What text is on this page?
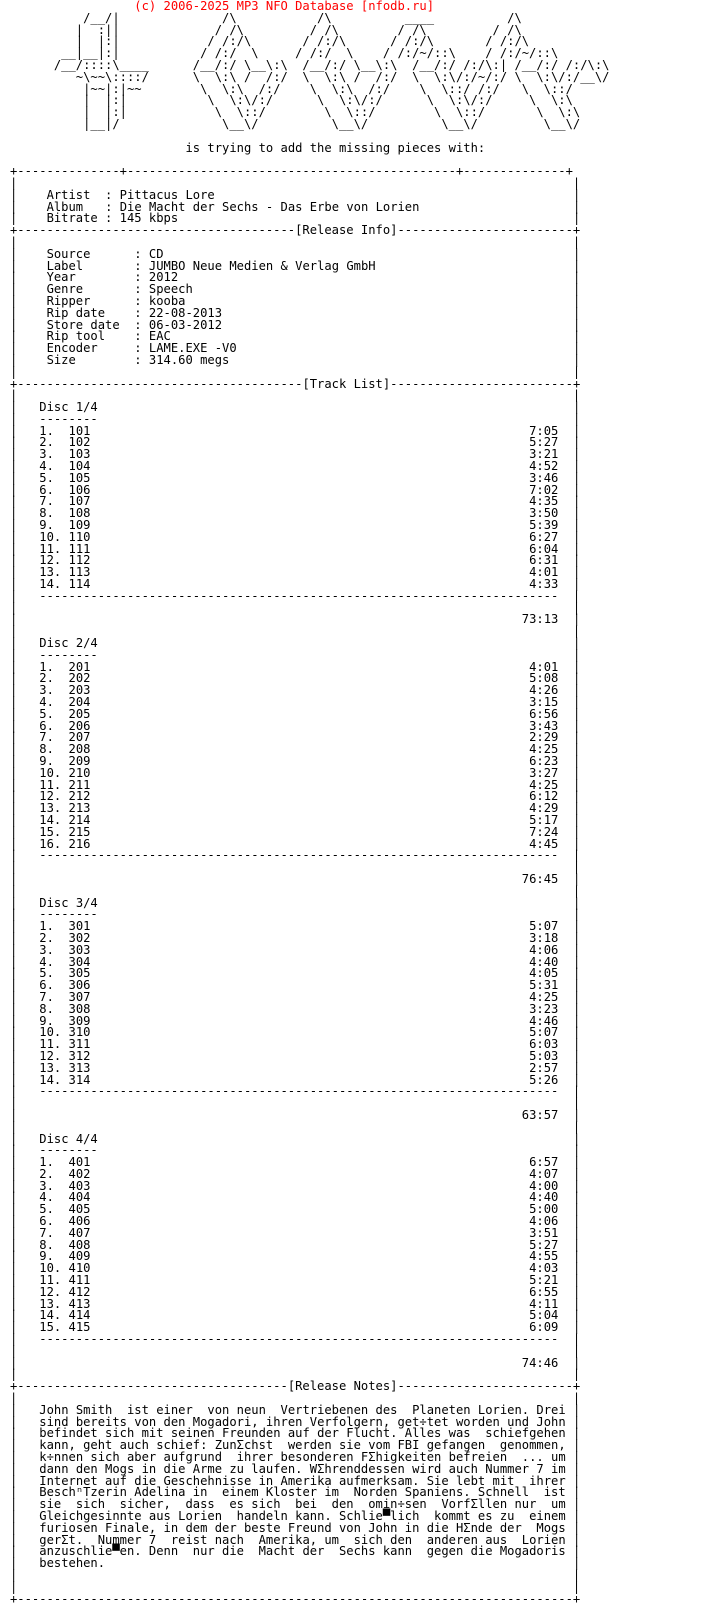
(c) 2006-2025 MP3 NFO Database [nfodb.ru]
/__/|              /\           /\          ____          /\
|  :||             / /\         / /\        / /\         / /\
|  |:|            / /:/\       / /:/\      / /:/\       / /:/\
__|__|:|           / /:/  \     / /:/  \    / /:/~/::\    / /:/~/::\
/__/::::\____      /__/:/ \__\:\  /__/:/ \__\:\  /__/:/ /:/\:| /__/:/ /:/\:\
~\~~\::::/      \  \:\ /  /:/  \  \:\ /  /:/  \  \:\/:/~/:/ \  \:\/:/__\/
|~~|:|~~        \  \:\  /:/    \  \:\  /:/    \  \::/ /:/   \  \::/
|  |:|           \  \:\/:/      \  \:\/:/      \  \:\/:/     \  \:\
|  |:|            \  \::/        \  \::/        \  \::/       \  \:\
|__|/              \__\/          \__\/          \__\/         \__\/

is trying to add the missing pieces with:

+--------------+---------------------------------------------+--------------+
|                                                                            |
| Artist  : Pittacus Lore	|
| Album   : Die Macht der Sechs - Das Erbe von Lorien	|
| Bitrate : 145 kbps	|
+--------------------------------------[Release Info]------------------------+
|                                                                            |
| Source      : CD	|
| Label       : JUMBO Neue Medien & Verlag GmbH	|
| Year        : 2012	|
| Genre       : Speech	|
| Ripper      : kooba	|
| Rip date    : 22-08-2013	|
| Store date  : 06-03-2012	|
| Rip tool    : EAC	|
| Encoder     : LAME.EXE -V0	|
| Size        : 314.60 megs	|
|                                                                            |
+---------------------------------------[Track List]-------------------------+
|                                                                            |
| Disc 1/4	|
| --------	|
| 1. 101	7:05 |
| 2. 102	5:27 |
| 3. 103	3:21 |
| 4. 104	4:52 |
| 5. 105	3:46 |
| 6. 106	7:02 |
| 7. 107	4:35 |
| 8. 108	3:50 |
| 9. 109	5:39 |
| 10. 110	6:27 |
| 11. 111	6:04 |
| 12. 112	6:31 |
| 13. 113	4:01 |
| 14. 114	4:33 |
|   ----------------------------------------------------------------------- |
|                                                                            |
|	73:13 |
|                                                                            |
| Disc 2/4	|
| --------	|
| 1. 201	4:01 |
| 2. 202	5:08 |
| 3. 203	4:26 |
| 4. 204	3:15 |
| 5. 205	6:56 |
| 6. 206	3:43 |
| 7. 207	2:29 |
| 8. 208	4:25 |
| 9. 209	6:23 |
| 10. 210	3:27 |
| 11. 211	4:25 |
| 12. 212	6:12 |
| 13. 213	4:29 |
| 14. 214	5:17 |
| 15. 215	7:24 |
| 16. 216	4:45 |
|   ----------------------------------------------------------------------- |
|                                                                            |
|	76:45 |
|                                                                            |
| Disc 3/4	|
| --------	|
| 1. 301	5:07 |
| 2. 302	3:18 |
| 3. 303	4:06 |
| 4. 304	4:40 |
| 5. 305	4:05 |
| 6. 306	5:31 |
| 7. 307	4:25 |
| 8. 308	3:23 |
| 9. 309	4:46 |
| 10. 310	5:07 |
| 11. 311	6:03 |
| 12. 312	5:03 |
| 13. 313	2:57 |
| 14. 314	5:26 |
|   ----------------------------------------------------------------------- |
|                                                                            |
|	63:57 |
|                                                                            |
| Disc 4/4	|
| --------	|
| 1. 401	6:57 |
| 2. 402	4:07 |
| 3. 403	4:00 |
| 4. 404	4:40 |
| 5. 405	5:00 |
| 6. 406	4:06 |
| 7. 407	3:51 |
| 8. 408	5:27 |
| 9. 409	4:55 |
| 10. 410	4:03 |
| 11. 411	5:21 |
| 12. 412	6:55 |
| 13. 413	4:11 |
| 14. 414	5:04 |
| 15. 415	6:09 |
|   ----------------------------------------------------------------------- |
|                                                                            |
|	74:46 |
|                                                                            |
+-------------------------------------[Release Notes]------------------------+
|                                                                            |
| John Smith  ist einer  von neun  Vertriebenen des  Planeten Lorien. Drei |
| sind bereits von den Mogadori, ihren Verfolgern, get÷tet worden und John |
| befindet sich mit seinen Freunden auf der Flucht. Alles was  schiefgehen |
| kann, geht auch schief: ZunΣchst  werden sie vom FBI gefangen  genommen, |
| k÷nnen sich aber aufgrund  ihrer besonderen FΣhigkeiten befreien  ... um |
| dann den Mogs in die Arme zu laufen. WΣhrenddessen wird auch Nummer 7 im |
| Internet auf die Geschehnisse in Amerika aufmerksam. Sie lebt mit  ihrer |
| BeschⁿTzerin Adelina in  einem Kloster im  Norden Spaniens. Schnell  ist |
| sie  sich  sicher,  dass  es sich  bei  den  omin÷sen  VorfΣllen nur  um |
| Gleichgesinnte aus Lorien  handeln kann. Schlie▀lich  kommt es zu  einem |
| furiosen Finale, in dem der beste Freund von John in die HΣnde der  Mogs |
| gerΣt.  Nummer 7  reist nach  Amerika, um  sich den  anderen aus  Lorien |
| anzuschlie▀en. Denn  nur die  Macht der  Sechs kann  gegen die Mogadoris |
| bestehen.	|
|                                                                            |
|                                                                            |
+----------------------------------------------------------------------------+
